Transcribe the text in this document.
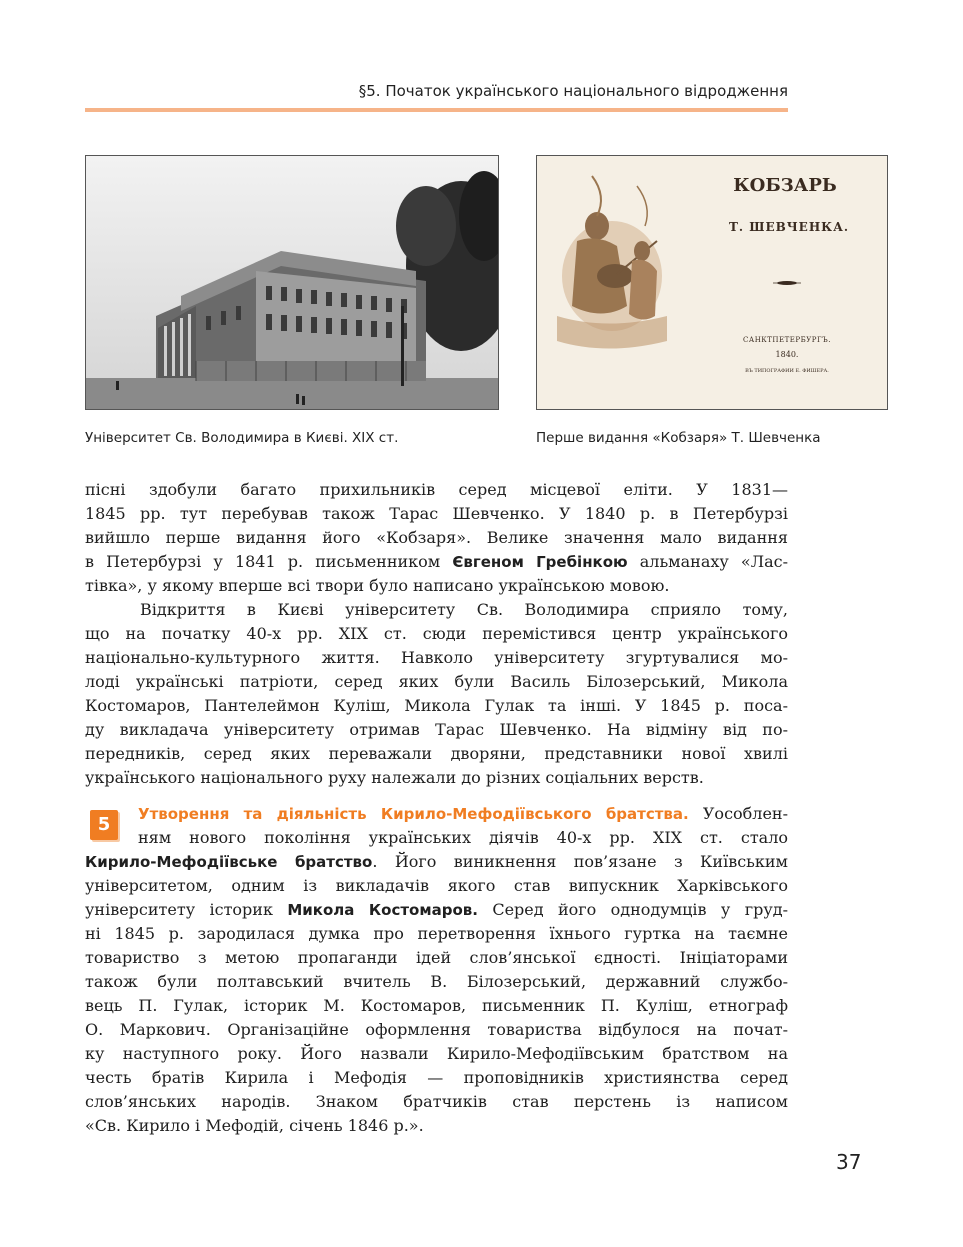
§5. Початок українського національного відродження
КОБЗАРЬ
Т. ШЕВЧЕНКА.
САНКТПЕТЕРБУРГЪ.
1840.
ВЪ ТИПОГРАФИИ Е. ФИШЕРА.
Університет Св. Володимира в Києві. XIX ст.	Перше видання «Кобзаря» Т. Шевченка
пісні здобули багато прихильників серед місцевої еліти. У 1831—
1845 рр. тут перебував також Тарас Шевченко. У 1840 р. в Петербурзі
вийшло перше видання його «Кобзаря». Велике значення мало видання
в Петербурзі у 1841 р. письменником Євгеном Гребінкою альманаху «Лас-
тівка», у якому вперше всі твори було написано українською мовою.
Відкриття в Києві університету Св. Володимира сприяло тому,
що на початку 40-х рр. XIX ст. сюди перемістився центр українського
національно-культурного життя. Навколо університету згуртувалися мо-
лоді українські патріоти, серед яких були Василь Білозерський, Микола
Костомаров, Пантелеймон Куліш, Микола Гулак та інші. У 1845 р. поса-
ду викладача університету отримав Тарас Шевченко. На відміну від по-
передників, серед яких переважали дворяни, представники нової хвилі
українського національного руху належали до різних соціальних верств.
5	Утворення та діяльність Кирило-Мефодіївського братства. Уособлен-
ням нового покоління українських діячів 40-х рр. XIX ст. стало
Кирило-Мефодіївське братство. Його виникнення пов’язане з Київським
університетом, одним із викладачів якого став випускник Харківського
університету історик Микола Костомаров. Серед його однодумців у груд-
ні 1845 р. зародилася думка про перетворення їхнього гуртка на таємне
товариство з метою пропаганди ідей слов’янської єдності. Ініціаторами
також були полтавський вчитель В. Білозерський, державний службо-
вець П. Гулак, історик М. Костомаров, письменник П. Куліш, етнограф
О. Маркович. Організаційне оформлення товариства відбулося на почат-
ку наступного року. Його назвали Кирило-Мефодіївським братством на
честь братів Кирила і Мефодія — проповідників християнства серед
слов’янських народів. Знаком братчиків став перстень із написом
«Св. Кирило і Мефодій, січень 1846 р.».
37
